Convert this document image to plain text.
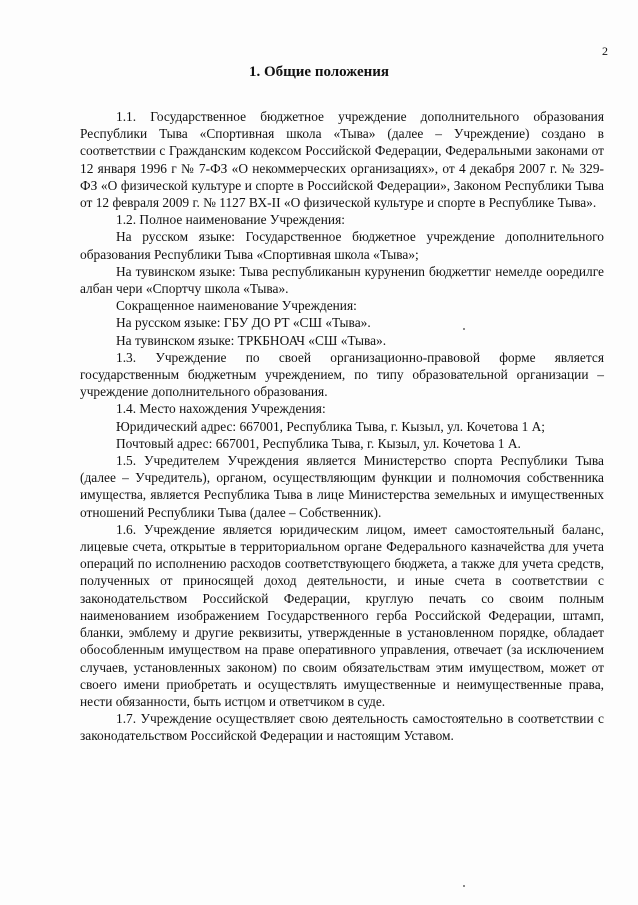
2
1. Общие положения

1.1. Государственное бюджетное учреждение дополнительного образования Республики Тыва «Спортивная школа «Тыва» (далее – Учреждение) создано в соответствии с Гражданским кодексом Российской Федерации, Федеральными законами от 12 января 1996 г № 7-ФЗ «О некоммерческих организациях», от 4 декабря 2007 г. № 329-ФЗ «О физической культуре и спорте в Российской Федерации», Законом Республики Тыва от 12 февраля 2009 г. № 1127 ВХ-II «О физической культуре и спорте в Республике Тыва».

1.2. Полное наименование Учреждения:

На русском языке: Государственное бюджетное учреждение дополнительного образования Республики Тыва «Спортивная школа «Тыва»;

На тувинском языке: Тыва республиканын курунениn бюджеттиг немелде ооредилге албан чери «Спортчу школа «Тыва».

Сокращенное наименование Учреждения:

На русском языке: ГБУ ДО РТ «СШ «Тыва».

На тувинском языке: ТРКБНОАЧ «СШ «Тыва».

1.3. Учреждение по своей организационно-правовой форме является государственным бюджетным учреждением, по типу образовательной организации – учреждение дополнительного образования.

1.4. Место нахождения Учреждения:

Юридический адрес: 667001, Республика Тыва, г. Кызыл, ул. Кочетова 1 А;

Почтовый адрес: 667001, Республика Тыва, г. Кызыл, ул. Кочетова 1 А.

1.5. Учредителем Учреждения является Министерство спорта Республики Тыва (далее – Учредитель), органом, осуществляющим функции и полномочия собственника имущества, является Республика Тыва в лице Министерства земельных и имущественных отношений Республики Тыва (далее – Собственник).

1.6. Учреждение является юридическим лицом, имеет самостоятельный баланс, лицевые счета, открытые в территориальном органе Федерального казначейства для учета операций по исполнению расходов соответствующего бюджета, а также для учета средств, полученных от приносящей доход деятельности, и иные счета в соответствии с законодательством Российской Федерации, круглую печать со своим полным наименованием изображением Государственного герба Российской Федерации, штамп, бланки, эмблему и другие реквизиты, утвержденные в установленном порядке, обладает обособленным имуществом на праве оперативного управления, отвечает (за исключением случаев, установленных законом) по своим обязательствам этим имуществом, может от своего имени приобретать и осуществлять имущественные и неимущественные права, нести обязанности, быть истцом и ответчиком в суде.

1.7. Учреждение осуществляет свою деятельность самостоятельно в соответствии с законодательством Российской Федерации и настоящим Уставом.
